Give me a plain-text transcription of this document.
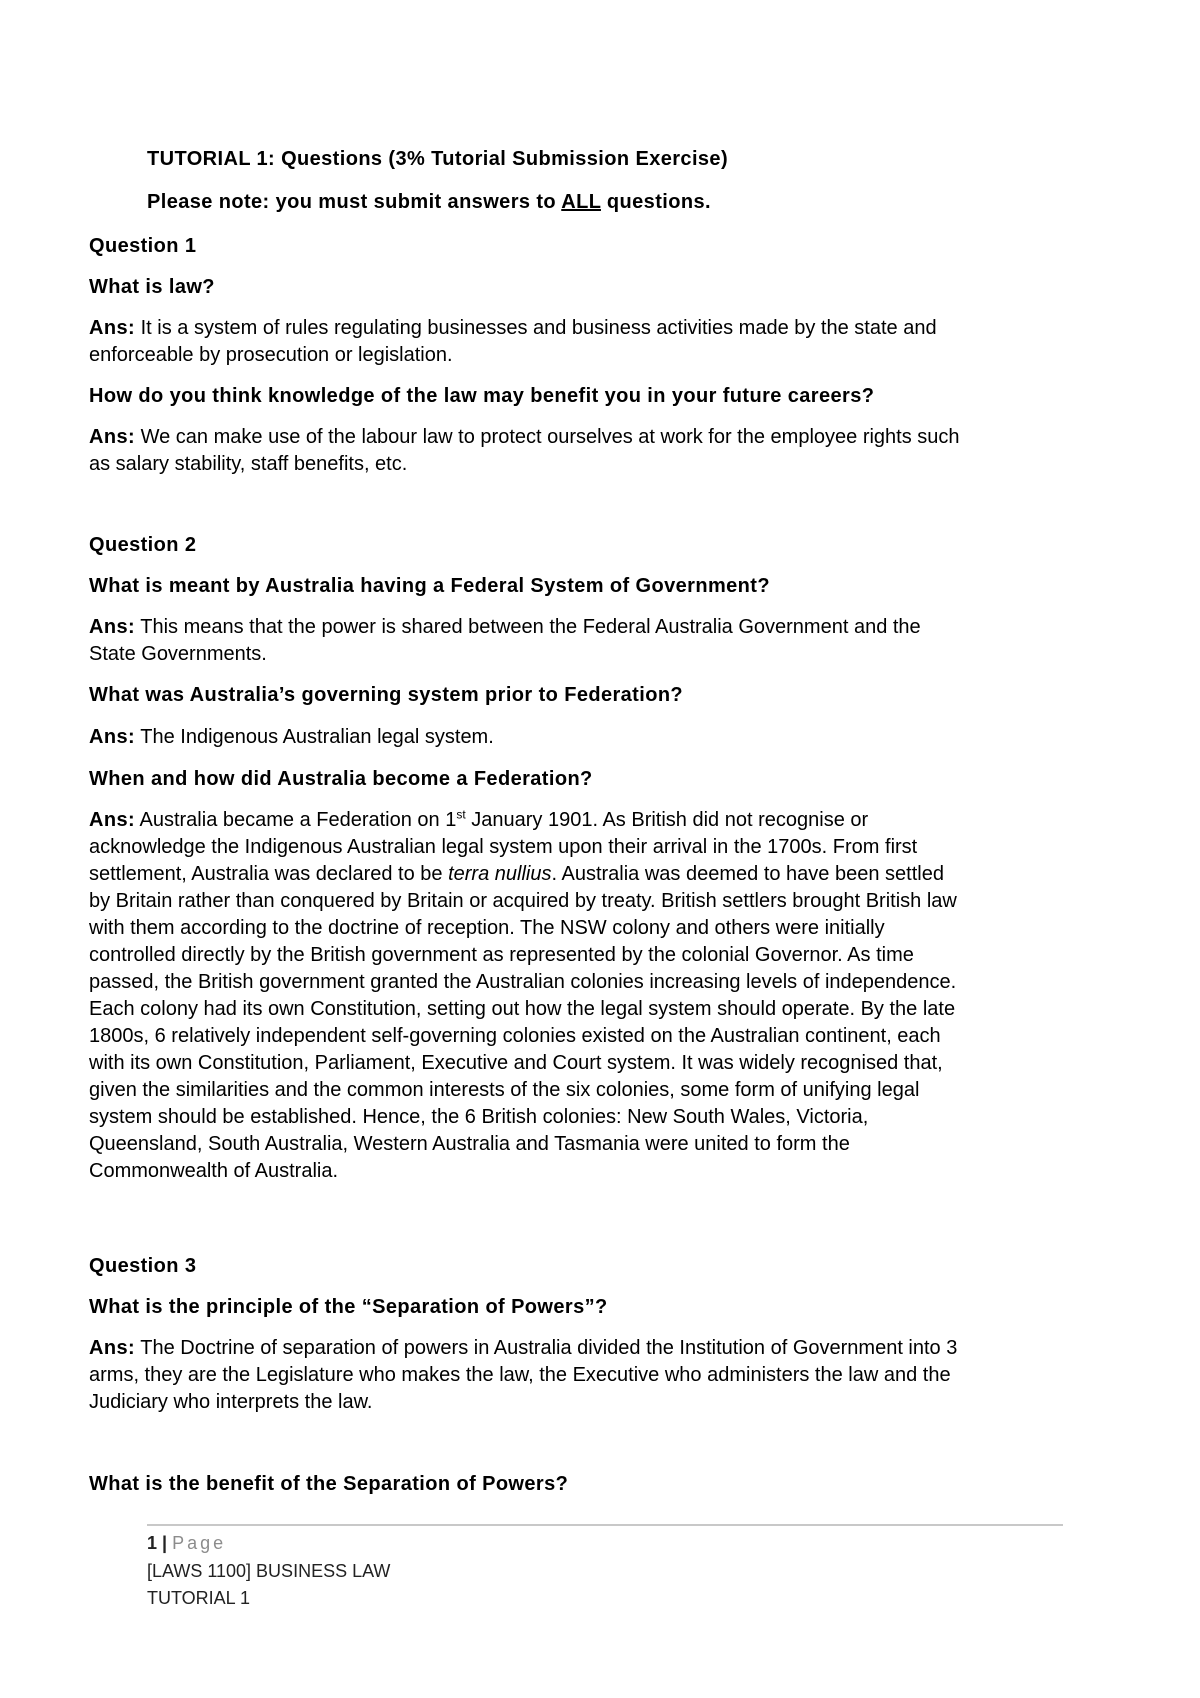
TUTORIAL 1: Questions (3% Tutorial Submission Exercise)
Please note: you must submit answers to ALL questions.
Question 1
What is law?
Ans: It is a system of rules regulating businesses and business activities made by the state and
enforceable by prosecution or legislation.
How do you think knowledge of the law may benefit you in your future careers?
Ans: We can make use of the labour law to protect ourselves at work for the employee rights such
as salary stability, staff benefits, etc.
Question 2
What is meant by Australia having a Federal System of Government?
Ans: This means that the power is shared between the Federal Australia Government and the
State Governments.
What was Australia’s governing system prior to Federation?
Ans: The Indigenous Australian legal system.
When and how did Australia become a Federation?
Ans: Australia became a Federation on 1st January 1901. As British did not recognise or
acknowledge the Indigenous Australian legal system upon their arrival in the 1700s. From first
settlement, Australia was declared to be terra nullius. Australia was deemed to have been settled
by Britain rather than conquered by Britain or acquired by treaty. British settlers brought British law
with them according to the doctrine of reception. The NSW colony and others were initially
controlled directly by the British government as represented by the colonial Governor. As time
passed, the British government granted the Australian colonies increasing levels of independence.
Each colony had its own Constitution, setting out how the legal system should operate. By the late
1800s, 6 relatively independent self-governing colonies existed on the Australian continent, each
with its own Constitution, Parliament, Executive and Court system. It was widely recognised that,
given the similarities and the common interests of the six colonies, some form of unifying legal
system should be established. Hence, the 6 British colonies: New South Wales, Victoria,
Queensland, South Australia, Western Australia and Tasmania were united to form the
Commonwealth of Australia.
Question 3
What is the principle of the “Separation of Powers”?
Ans: The Doctrine of separation of powers in Australia divided the Institution of Government into 3
arms, they are the Legislature who makes the law, the Executive who administers the law and the
Judiciary who interprets the law.
What is the benefit of the Separation of Powers?
1 | Page
[LAWS 1100] BUSINESS LAW
TUTORIAL 1
